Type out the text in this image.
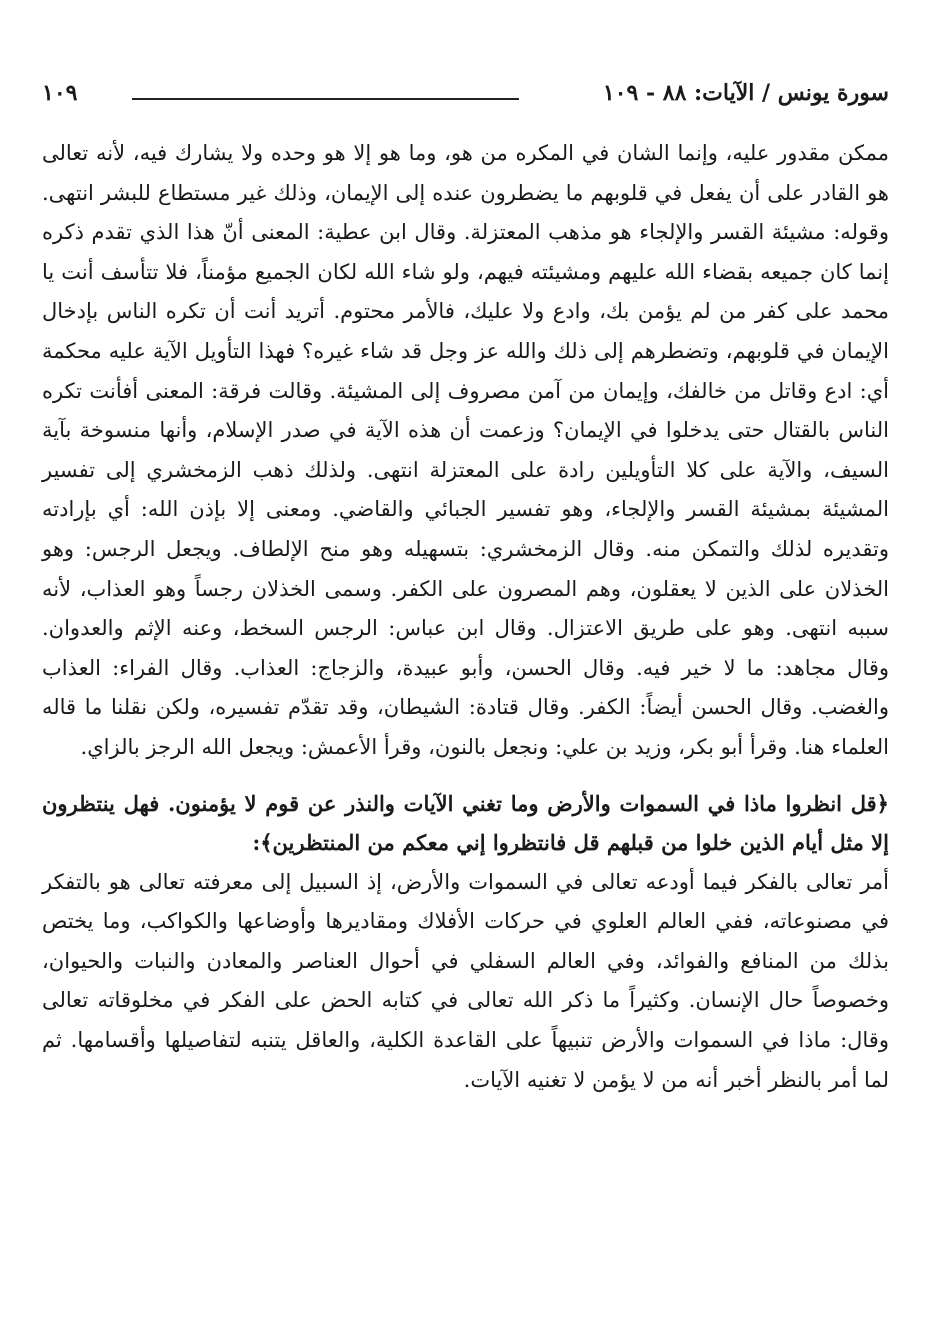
سورة يونس / الآيات: ٨٨ - ١٠٩
١٠٩

ممكن مقدور عليه، وإنما الشان في المكره من هو، وما هو إلا هو وحده ولا يشارك فيه، لأنه تعالى هو القادر على أن يفعل في قلوبهم ما يضطرون عنده إلى الإيمان، وذلك غير مستطاع للبشر انتهى. وقوله: مشيئة القسر والإلجاء هو مذهب المعتزلة. وقال ابن عطية: المعنى أنّ هذا الذي تقدم ذكره إنما كان جميعه بقضاء الله عليهم ومشيئته فيهم، ولو شاء الله لكان الجميع مؤمناً، فلا تتأسف أنت يا محمد على كفر من لم يؤمن بك، وادع ولا عليك، فالأمر محتوم. أتريد أنت أن تكره الناس بإدخال الإيمان في قلوبهم، وتضطرهم إلى ذلك والله عز وجل قد شاء غيره؟ فهذا التأويل الآية عليه محكمة أي: ادع وقاتل من خالفك، وإيمان من آمن مصروف إلى المشيئة. وقالت فرقة: المعنى أفأنت تكره الناس بالقتال حتى يدخلوا في الإيمان؟ وزعمت أن هذه الآية في صدر الإسلام، وأنها منسوخة بآية السيف، والآية على كلا التأويلين رادة على المعتزلة انتهى. ولذلك ذهب الزمخشري إلى تفسير المشيئة بمشيئة القسر والإلجاء، وهو تفسير الجبائي والقاضي. ومعنى إلا بإذن الله: أي بإرادته وتقديره لذلك والتمكن منه. وقال الزمخشري: بتسهيله وهو منح الإلطاف. ويجعل الرجس: وهو الخذلان على الذين لا يعقلون، وهم المصرون على الكفر. وسمى الخذلان رجساً وهو العذاب، لأنه سببه انتهى. وهو على طريق الاعتزال. وقال ابن عباس: الرجس السخط، وعنه الإثم والعدوان. وقال مجاهد: ما لا خير فيه. وقال الحسن، وأبو عبيدة، والزجاج: العذاب. وقال الفراء: العذاب والغضب. وقال الحسن أيضاً: الكفر. وقال قتادة: الشيطان، وقد تقدّم تفسيره، ولكن نقلنا ما قاله العلماء هنا. وقرأ أبو بكر، وزيد بن علي: ونجعل بالنون، وقرأ الأعمش: ويجعل الله الرجز بالزاي.

﴿قل انظروا ماذا في السموات والأرض وما تغني الآيات والنذر عن قوم لا يؤمنون. فهل ينتظرون إلا مثل أيام الذين خلوا من قبلهم قل فانتظروا إني معكم من المنتظرين﴾:

أمر تعالى بالفكر فيما أودعه تعالى في السموات والأرض، إذ السبيل إلى معرفته تعالى هو بالتفكر في مصنوعاته، ففي العالم العلوي في حركات الأفلاك ومقاديرها وأوضاعها والكواكب، وما يختص بذلك من المنافع والفوائد، وفي العالم السفلي في أحوال العناصر والمعادن والنبات والحيوان، وخصوصاً حال الإنسان. وكثيراً ما ذكر الله تعالى في كتابه الحض على الفكر في مخلوقاته تعالى وقال: ماذا في السموات والأرض تنبيهاً على القاعدة الكلية، والعاقل يتنبه لتفاصيلها وأقسامها. ثم لما أمر بالنظر أخبر أنه من لا يؤمن لا تغنيه الآيات.
